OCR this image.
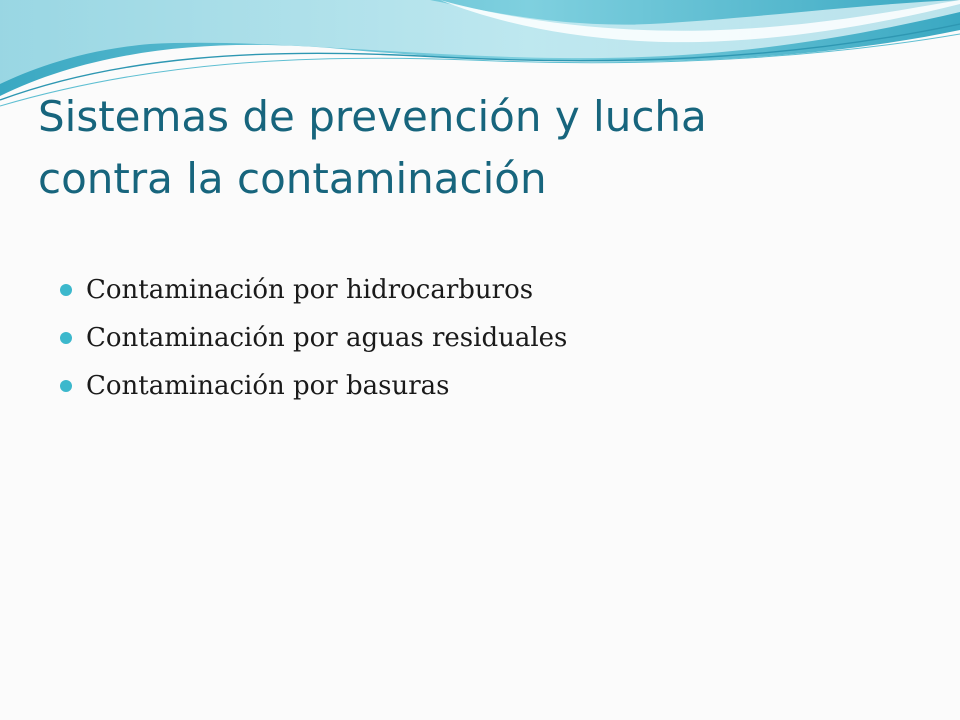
Sistemas de prevención y lucha
contra la contaminación
Contaminación por hidrocarburos
Contaminación por aguas residuales
Contaminación por basuras
